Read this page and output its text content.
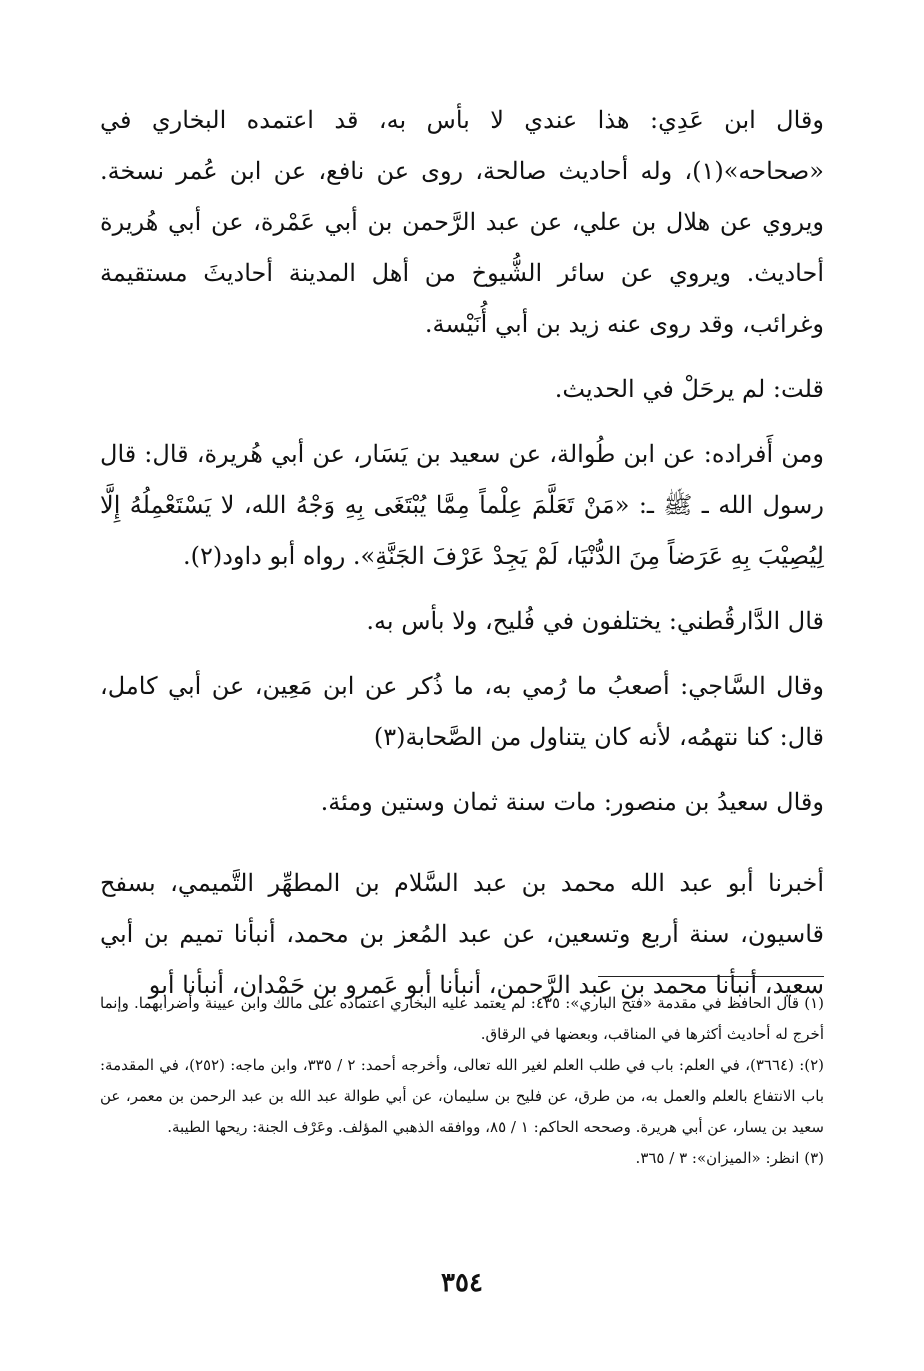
وقال ابن عَدِي: هذا عندي لا بأس به، قد اعتمده البخاري في «صحاحه»(١)، وله أحاديث صالحة، روى عن نافع، عن ابن عُمر نسخة. ويروي عن هلال بن علي، عن عبد الرَّحمن بن أبي عَمْرة، عن أبي هُريرة أحاديث. ويروي عن سائر الشُّيوخ من أهل المدينة أحاديثَ مستقيمة وغرائب، وقد روى عنه زيد بن أبي أُنَيْسة.

قلت: لم يرحَلْ في الحديث.

ومن أَفراده: عن ابن طُوالة، عن سعيد بن يَسَار، عن أبي هُريرة، قال: قال رسول الله ـ ﷺ ـ: «مَنْ تَعَلَّمَ عِلْماً مِمَّا يُبْتَغَى بِهِ وَجْهُ الله، لا يَسْتَعْمِلُهُ إِلَّا لِيُصِيْبَ بِهِ عَرَضاً مِنَ الدُّنْيَا، لَمْ يَجِدْ عَرْفَ الجَنَّةِ». رواه أبو داود(٢).

قال الدَّارقُطني: يختلفون في فُليح، ولا بأس به.

وقال السَّاجي: أصعبُ ما رُمي به، ما ذُكر عن ابن مَعِين، عن أبي كامل، قال: كنا نتهمُه، لأنه كان يتناول من الصَّحابة(٣)

وقال سعيدُ بن منصور: مات سنة ثمان وستين ومئة.

أخبرنا أبو عبد الله محمد بن عبد السَّلام بن المطهِّر التَّميمي، بسفح قاسيون، سنة أربع وتسعين، عن عبد المُعز بن محمد، أنبأنا تميم بن أبي سعيد، أنبأنا محمد بن عبد الرَّحمن، أنبأنا أبو عَمرو بن حَمْدان، أنبأنا أبو

(١) قال الحافظ في مقدمة «فتح الباري»: ٤٣٥: لم يعتمد عليه البخاري اعتماده على مالك وابن عيينة وأضرابهما. وإنما أخرج له أحاديث أكثرها في المناقب، وبعضها في الرقاق.

(٢): (٣٦٦٤)، في العلم: باب في طلب العلم لغير الله تعالى، وأخرجه أحمد: ٢ / ٣٣٥، وابن ماجه: (٢٥٢)، في المقدمة: باب الانتفاع بالعلم والعمل به، من طرق، عن فليح بن سليمان، عن أبي طوالة عبد الله بن عبد الرحمن بن معمر، عن سعيد بن يسار، عن أبي هريرة. وصححه الحاكم: ١ / ٨٥، ووافقه الذهبي المؤلف. وعَرْف الجنة: ريحها الطيبة.

(٣) انظر: «الميزان»: ٣ / ٣٦٥.

٣٥٤
